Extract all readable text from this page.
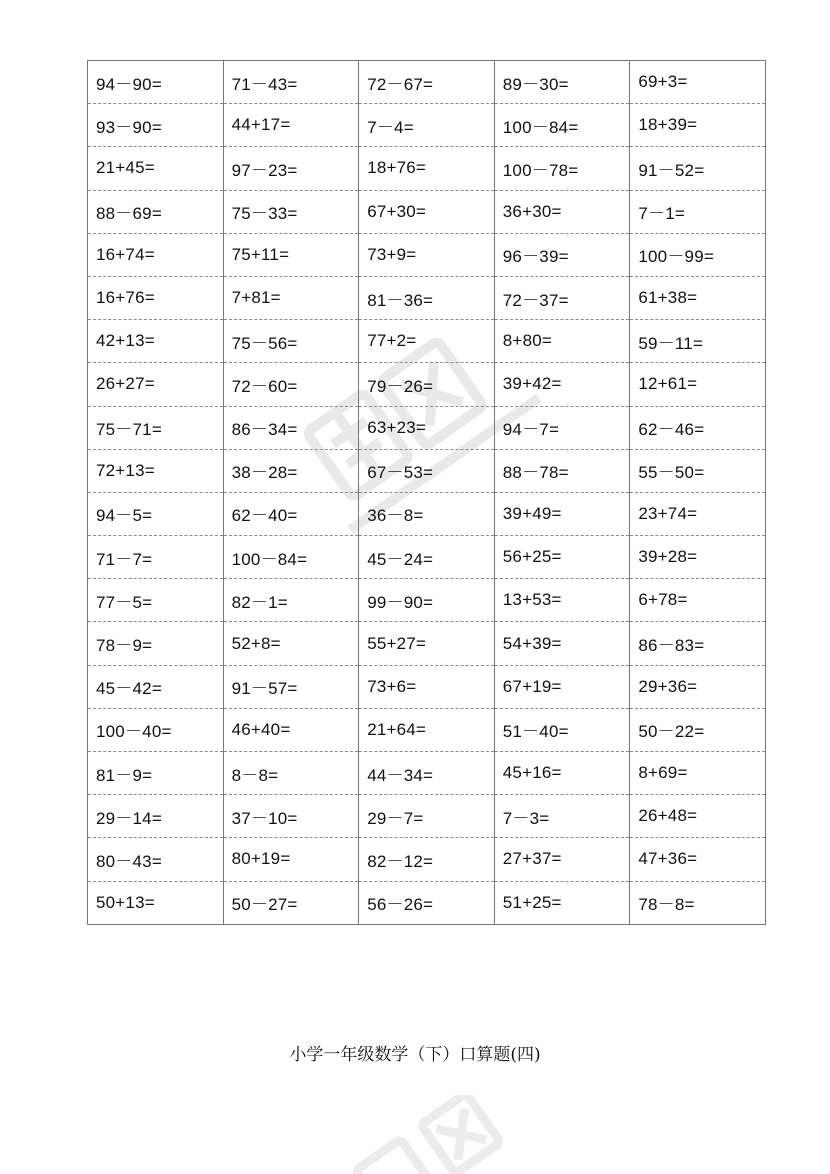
94－90=	71－43=	72－67=	89－30=	69+3=
93－90=	44+17=	7－4=	100－84=	18+39=
21+45=	97－23=	18+76=	100－78=	91－52=
88－69=	75－33=	67+30=	36+30=	7－1=
16+74=	75+11=	73+9=	96－39=	100－99=
16+76=	7+81=	81－36=	72－37=	61+38=
42+13=	75－56=	77+2=	8+80=	59－11=
26+27=	72－60=	79－26=	39+42=	12+61=
75－71=	86－34=	63+23=	94－7=	62－46=
72+13=	38－28=	67－53=	88－78=	55－50=
94－5=	62－40=	36－8=	39+49=	23+74=
71－7=	100－84=	45－24=	56+25=	39+28=
77－5=	82－1=	99－90=	13+53=	6+78=
78－9=	52+8=	55+27=	54+39=	86－83=
45－42=	91－57=	73+6=	67+19=	29+36=
100－40=	46+40=	21+64=	51－40=	50－22=
81－9=	8－8=	44－34=	45+16=	8+69=
29－14=	37－10=	29－7=	7－3=	26+48=
80－43=	80+19=	82－12=	27+37=	47+36=
50+13=	50－27=	56－26=	51+25=	78－8=
小学一年级数学（下）口算题(四)
